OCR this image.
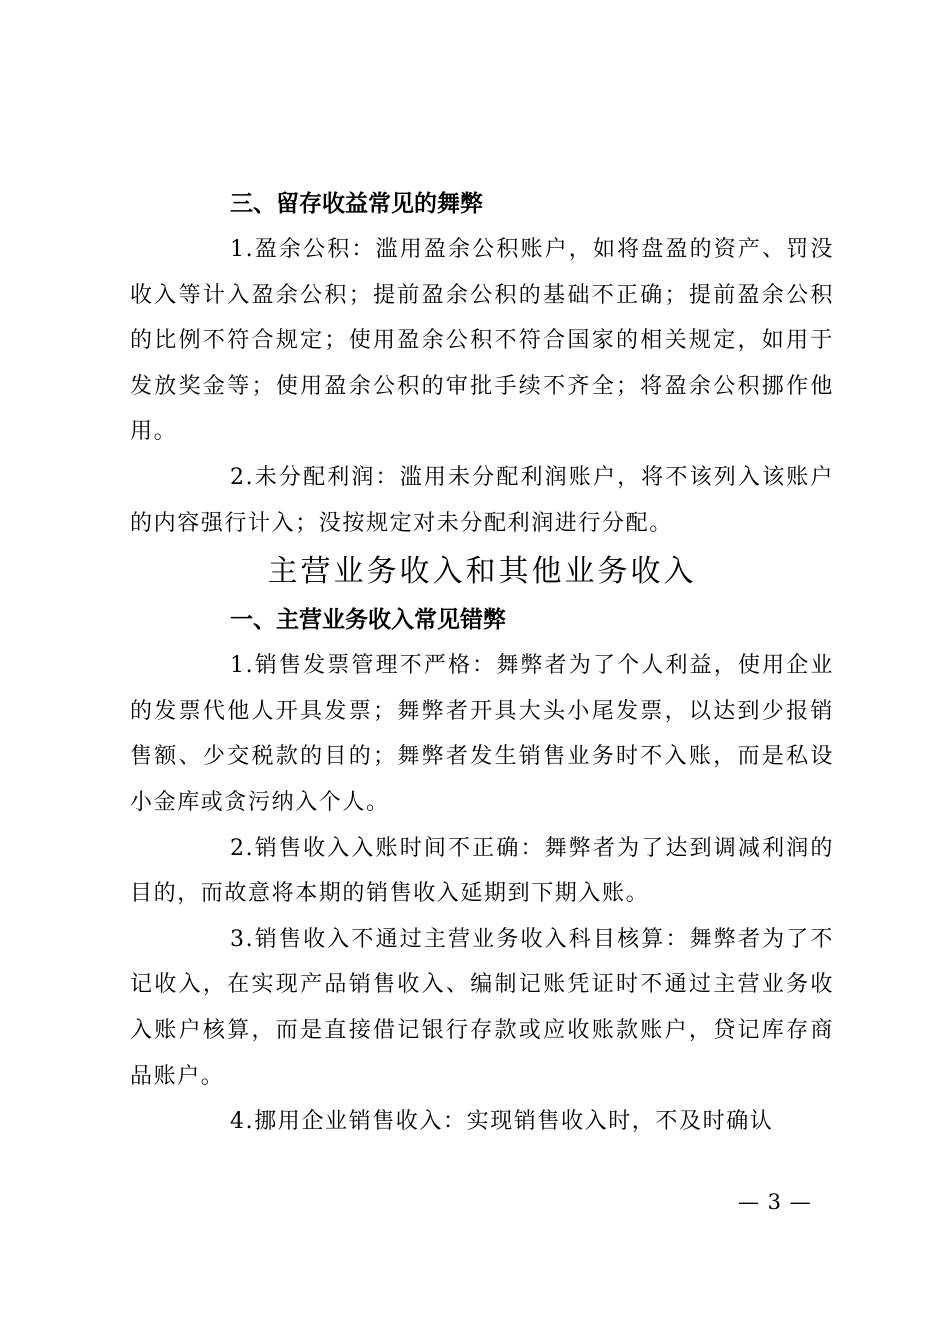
三、留存收益常见的舞弊

1.盈余公积：滥用盈余公积账户，如将盘盈的资产、罚没收入等计入盈余公积；提前盈余公积的基础不正确；提前盈余公积的比例不符合规定；使用盈余公积不符合国家的相关规定，如用于发放奖金等；使用盈余公积的审批手续不齐全；将盈余公积挪作他用。

2.未分配利润：滥用未分配利润账户，将不该列入该账户的内容强行计入；没按规定对未分配利润进行分配。

主营业务收入和其他业务收入
一、主营业务收入常见错弊

1.销售发票管理不严格：舞弊者为了个人利益，使用企业的发票代他人开具发票；舞弊者开具大头小尾发票，以达到少报销售额、少交税款的目的；舞弊者发生销售业务时不入账，而是私设小金库或贪污纳入个人。

2.销售收入入账时间不正确：舞弊者为了达到调减利润的目的，而故意将本期的销售收入延期到下期入账。

3.销售收入不通过主营业务收入科目核算：舞弊者为了不记收入，在实现产品销售收入、编制记账凭证时不通过主营业务收入账户核算，而是直接借记银行存款或应收账款账户，贷记库存商品账户。

4.挪用企业销售收入：实现销售收入时，不及时确认

— 3 —
